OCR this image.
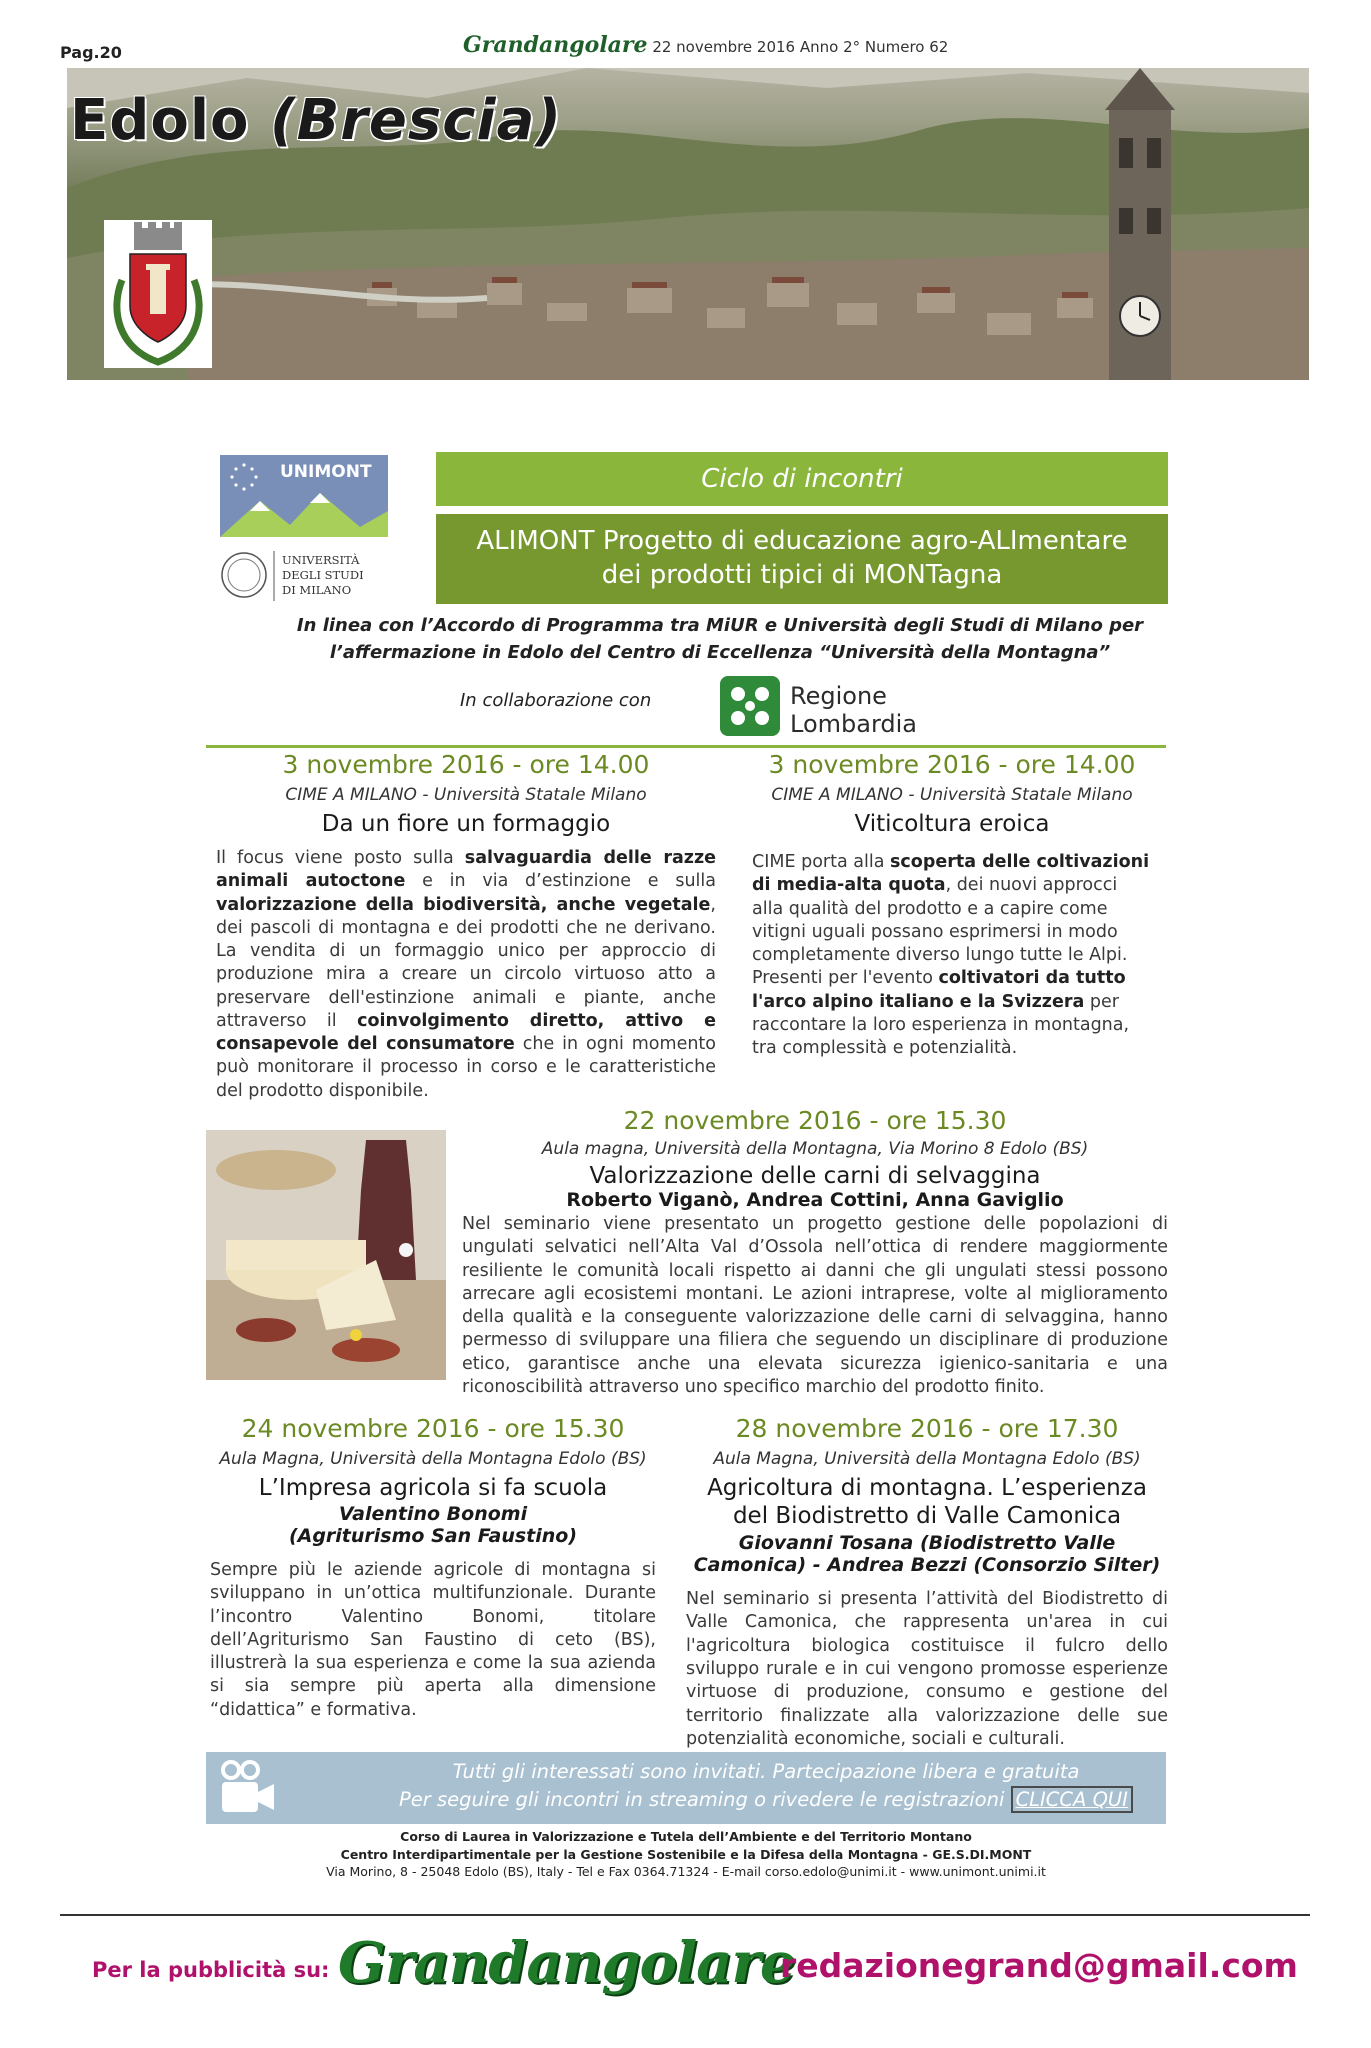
Pag.20	Grandangolare 22 novembre 2016 Anno 2° Numero 62
Edolo (Brescia)
UNIMONT
UNIVERSITÀ
DEGLI STUDI
DI MILANO
Ciclo di incontri
ALIMONT Progetto di educazione agro-ALImentare
dei prodotti tipici di MONTagna
In linea con l’Accordo di Programma tra MiUR e Università degli Studi di Milano per
l’affermazione in Edolo del Centro di Eccellenza “Università della Montagna”
In collaborazione con	Regione
Lombardia
3 novembre 2016 - ore 14.00
CIME A MILANO - Università Statale Milano
Da un fiore un formaggio
Il focus viene posto sulla salvaguardia delle razze animali autoctone e in via d’estinzione e sulla valorizzazione della biodiversità, anche vegetale, dei pascoli di montagna e dei prodotti che ne derivano. La vendita di un formaggio unico per approccio di produzione mira a creare un circolo virtuoso atto a preservare dell'estinzione animali e piante, anche attraverso il coinvolgimento diretto, attivo e consapevole del consumatore che in ogni momento può monitorare il processo in corso e le caratteristiche del prodotto disponibile.
3 novembre 2016 - ore 14.00
CIME A MILANO - Università Statale Milano
Viticoltura eroica
CIME porta alla scoperta delle coltivazioni di media-alta quota, dei nuovi approcci alla qualità del prodotto e a capire come vitigni uguali possano esprimersi in modo completamente diverso lungo tutte le Alpi. Presenti per l'evento coltivatori da tutto l'arco alpino italiano e la Svizzera per raccontare la loro esperienza in montagna, tra complessità e potenzialità.
22 novembre 2016 - ore 15.30
Aula magna, Università della Montagna, Via Morino 8 Edolo (BS)
Valorizzazione delle carni di selvaggina
Roberto Viganò, Andrea Cottini, Anna Gaviglio
Nel seminario viene presentato un progetto gestione delle popolazioni di ungulati selvatici nell’Alta Val d’Ossola nell’ottica di rendere maggiormente resiliente le comunità locali rispetto ai danni che gli ungulati stessi possono arrecare agli ecosistemi montani. Le azioni intraprese, volte al miglioramento della qualità e la conseguente valorizzazione delle carni di selvaggina, hanno permesso di sviluppare una filiera che seguendo un disciplinare di produzione etico, garantisce anche una elevata sicurezza igienico-sanitaria e una riconoscibilità attraverso uno specifico marchio del prodotto finito.
24 novembre 2016 - ore 15.30
Aula Magna, Università della Montagna Edolo (BS)
L’Impresa agricola si fa scuola
Valentino Bonomi
(Agriturismo San Faustino)
Sempre più le aziende agricole di montagna si sviluppano in un’ottica multifunzionale. Durante l’incontro Valentino Bonomi, titolare dell’Agriturismo San Faustino di ceto (BS), illustrerà la sua esperienza e come la sua azienda si sia sempre più aperta alla dimensione “didattica” e formativa.
28 novembre 2016 - ore 17.30
Aula Magna, Università della Montagna Edolo (BS)
Agricoltura di montagna. L’esperienza
del Biodistretto di Valle Camonica
Giovanni Tosana (Biodistretto Valle
Camonica) - Andrea Bezzi (Consorzio Silter)
Nel seminario si presenta l’attività del Biodistretto di Valle Camonica, che rappresenta un'area in cui l'agricoltura biologica costituisce il fulcro dello sviluppo rurale e in cui vengono promosse esperienze virtuose di produzione, consumo e gestione del territorio finalizzate alla valorizzazione delle sue potenzialità economiche, sociali e culturali.
Tutti gli interessati sono invitati. Partecipazione libera e gratuita
Per seguire gli incontri in streaming o rivedere le registrazioni CLICCA QUI
Corso di Laurea in Valorizzazione e Tutela dell’Ambiente e del Territorio Montano
Centro Interdipartimentale per la Gestione Sostenibile e la Difesa della Montagna - GE.S.DI.MONT
Via Morino, 8 - 25048 Edolo (BS), Italy - Tel e Fax 0364.71324 - E-mail corso.edolo@unimi.it - www.unimont.unimi.it
Per la pubblicità su: Grandangolare
redazionegrand@gmail.com
